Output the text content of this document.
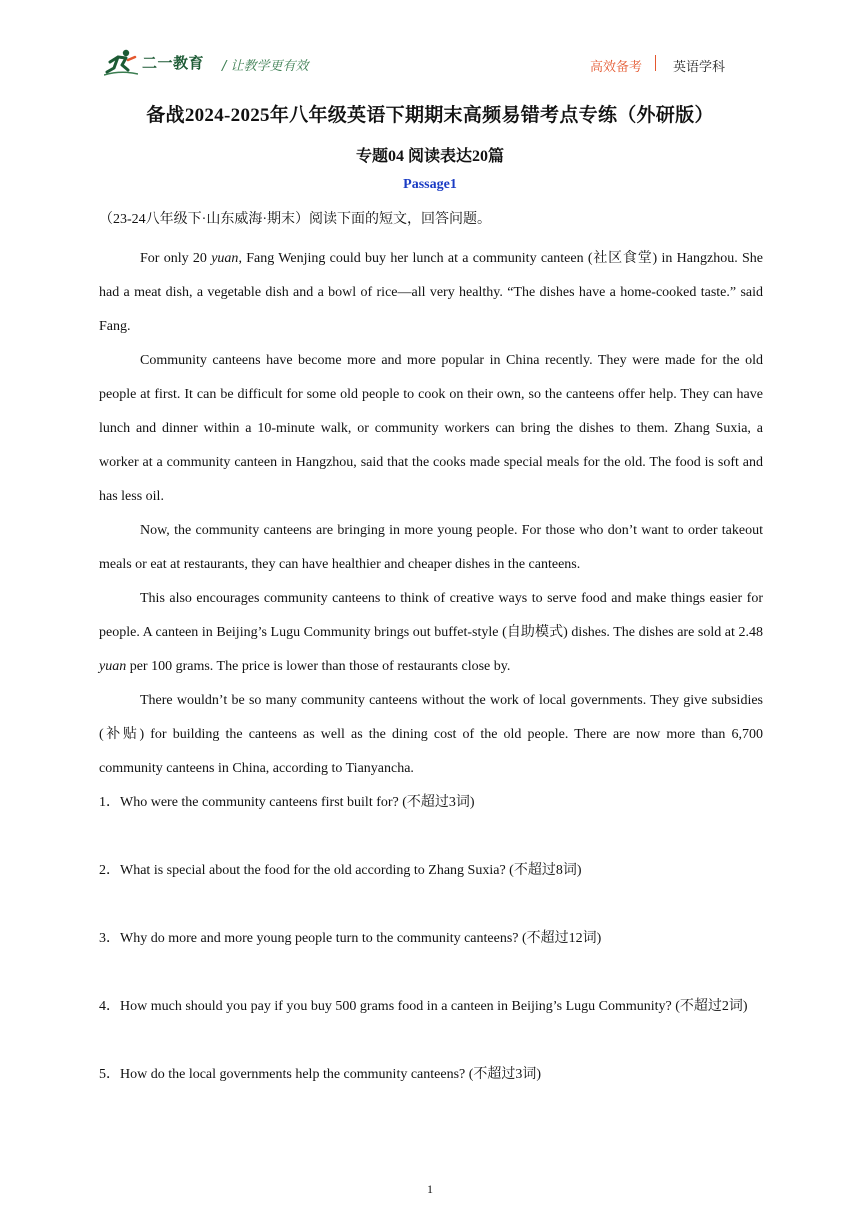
二一教育 / 让教学更有效	高效备考 英语学科
备战2024-2025年八年级英语下期期末高频易错考点专练（外研版）
专题04 阅读表达20篇
Passage1
（23-24八年级下·山东威海·期末）阅读下面的短文，回答问题。

For only 20 yuan, Fang Wenjing could buy her lunch at a community canteen (社区食堂) in Hangzhou. She had a meat dish, a vegetable dish and a bowl of rice—all very healthy. “The dishes have a home-cooked taste.” said Fang.

Community canteens have become more and more popular in China recently. They were made for the old people at first. It can be difficult for some old people to cook on their own, so the canteens offer help. They can have lunch and dinner within a 10-minute walk, or community workers can bring the dishes to them. Zhang Suxia, a worker at a community canteen in Hangzhou, said that the cooks made special meals for the old. The food is soft and has less oil.

Now, the community canteens are bringing in more young people. For those who don’t want to order takeout meals or eat at restaurants, they can have healthier and cheaper dishes in the canteens.

This also encourages community canteens to think of creative ways to serve food and make things easier for people. A canteen in Beijing’s Lugu Community brings out buffet-style (自助模式) dishes. The dishes are sold at 2.48 yuan per 100 grams. The price is lower than those of restaurants close by.

There wouldn’t be so many community canteens without the work of local governments. They give subsidies (补贴) for building the canteens as well as the dining cost of the old people. There are now more than 6,700 community canteens in China, according to Tianyancha.

1．Who were the community canteens first built for? (不超过3词)

2．What is special about the food for the old according to Zhang Suxia? (不超过8词)

3．Why do more and more young people turn to the community canteens? (不超过12词)

4．How much should you pay if you buy 500 grams food in a canteen in Beijing’s Lugu Community? (不超过2词)

5．How do the local governments help the community canteens? (不超过3词)

1
